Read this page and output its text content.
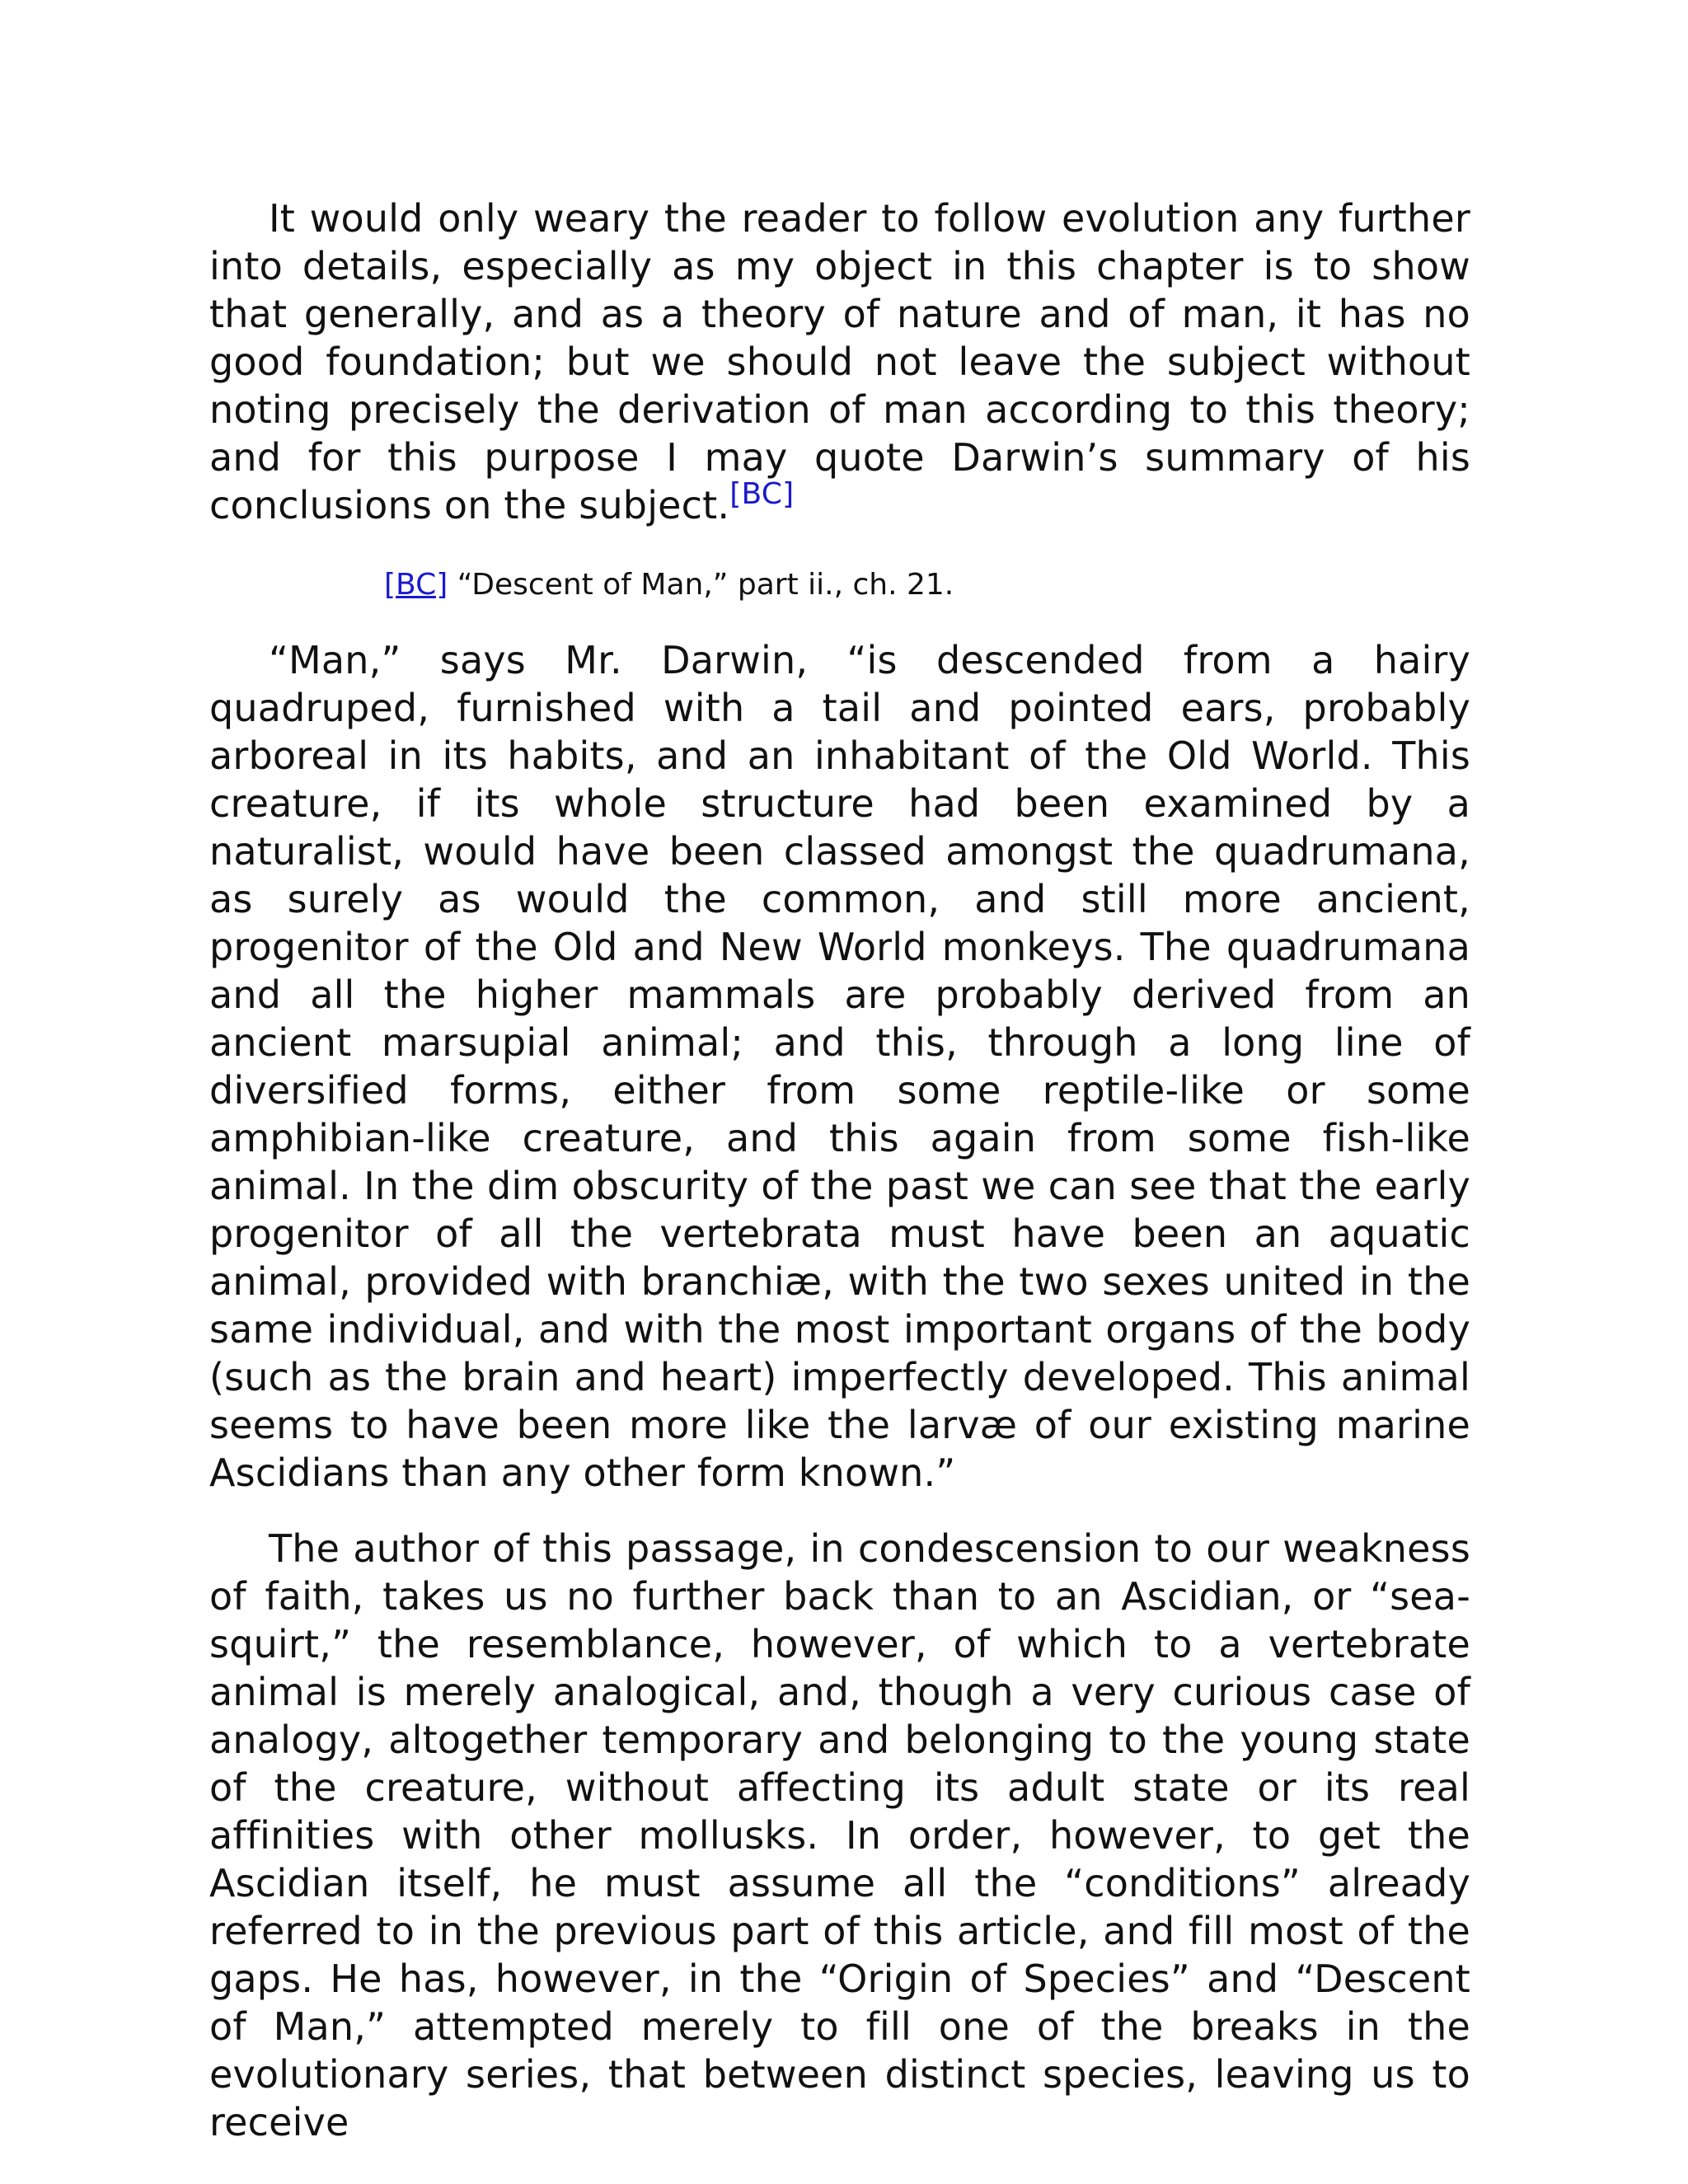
It would only weary the reader to follow evolution any further into details, especially as my object in this chapter is to show that generally, and as a theory of nature and of man, it has no good foundation; but we should not leave the subject without noting precisely the derivation of man according to this theory; and for this purpose I may quote Darwin’s summary of his conclusions on the subject.[BC]

[BC] “Descent of Man,” part ii., ch. 21.

“Man,” says Mr. Darwin, “is descended from a hairy quadruped, furnished with a tail and pointed ears, probably arboreal in its habits, and an inhabitant of the Old World. This creature, if its whole structure had been examined by a naturalist, would have been classed amongst the quadrumana, as surely as would the common, and still more ancient, progenitor of the Old and New World monkeys. The quadrumana and all the higher mammals are probably derived from an ancient marsupial animal; and this, through a long line of diversified forms, either from some reptile-like or some amphibian-like creature, and this again from some fish-like animal. In the dim obscurity of the past we can see that the early progenitor of all the vertebrata must have been an aquatic animal, provided with branchiæ, with the two sexes united in the same individual, and with the most important organs of the body (such as the brain and heart) imperfectly developed. This animal seems to have been more like the larvæ of our existing marine Ascidians than any other form known.”

The author of this passage, in condescension to our weakness of faith, takes us no further back than to an Ascidian, or “sea-squirt,” the resemblance, however, of which to a vertebrate animal is merely analogical, and, though a very curious case of analogy, altogether temporary and belonging to the young state of the creature, without affecting its adult state or its real affinities with other mollusks. In order, however, to get the Ascidian itself, he must assume all the “conditions” already referred to in the previous part of this article, and fill most of the gaps. He has, however, in the “Origin of Species” and “Descent of Man,” attempted merely to fill one of the breaks in the evolutionary series, that between distinct species, leaving us to receive
